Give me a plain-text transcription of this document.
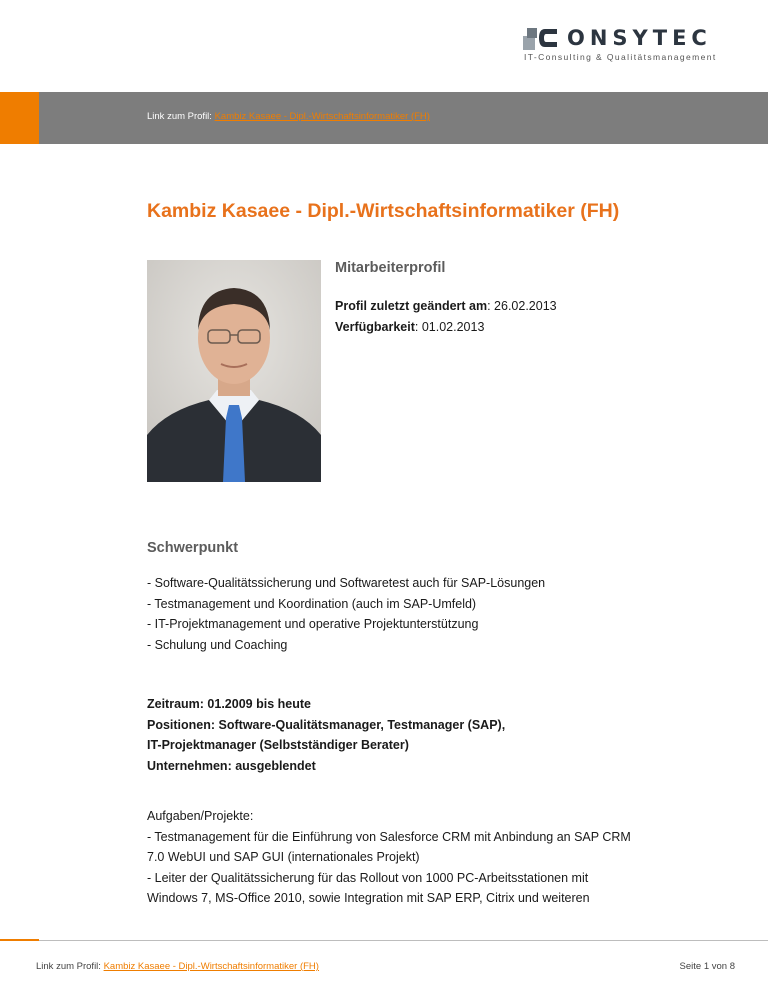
ONSYTEC
IT-Consulting & Qualitätsmanagement
Link zum Profil: Kambiz Kasaee - Dipl.-Wirtschaftsinformatiker (FH)
Kambiz Kasaee - Dipl.-Wirtschaftsinformatiker (FH)
Mitarbeiterprofil
Profil zuletzt geändert am: 26.02.2013
Verfügbarkeit: 01.02.2013
Schwerpunkt
- Software-Qualitätssicherung und Softwaretest auch für SAP-Lösungen
- Testmanagement und Koordination (auch im SAP-Umfeld)
- IT-Projektmanagement und operative Projektunterstützung
- Schulung und Coaching
Zeitraum: 01.2009 bis heute
Positionen: Software-Qualitätsmanager, Testmanager (SAP),
IT-Projektmanager (Selbstständiger Berater)
Unternehmen: ausgeblendet
Aufgaben/Projekte:
- Testmanagement für die Einführung von Salesforce CRM mit Anbindung an SAP CRM
7.0 WebUI und SAP GUI (internationales Projekt)
- Leiter der Qualitätssicherung für das Rollout von 1000 PC-Arbeitsstationen mit
Windows 7, MS-Office 2010, sowie Integration mit SAP ERP, Citrix und weiteren
Link zum Profil: Kambiz Kasaee - Dipl.-Wirtschaftsinformatiker (FH)	Seite 1 von 8
